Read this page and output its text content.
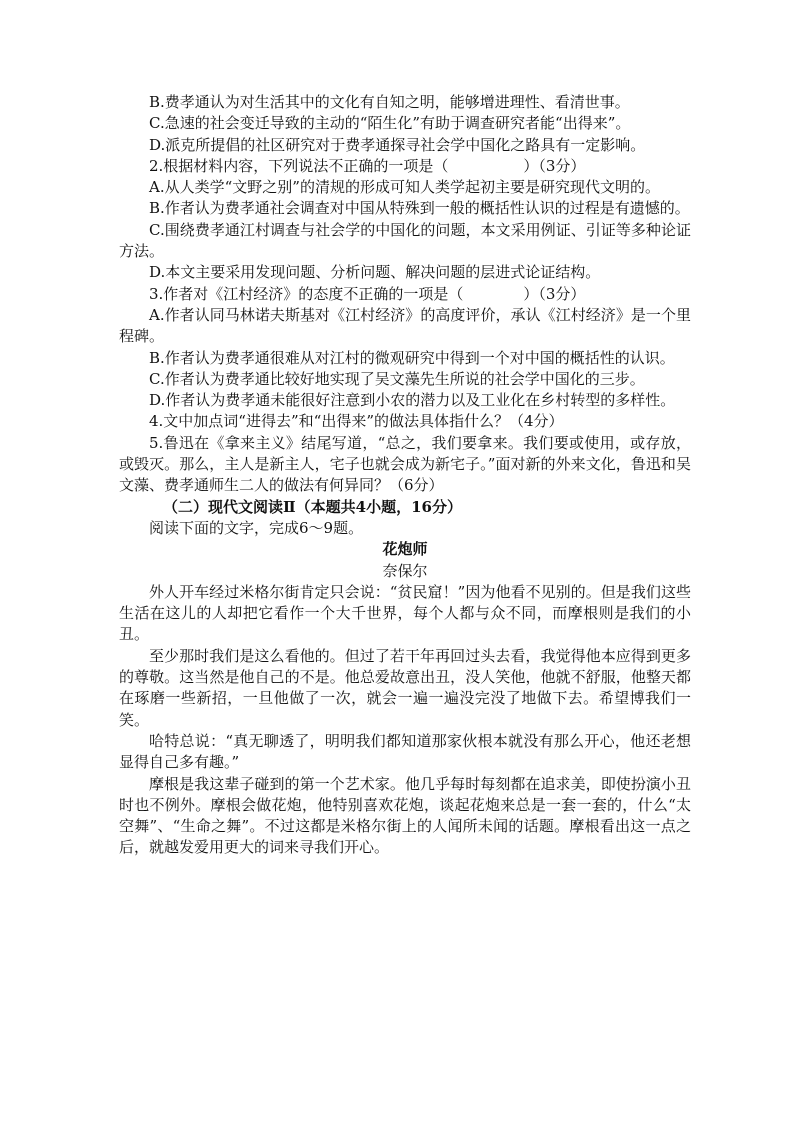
B.费孝通认为对生活其中的文化有自知之明，能够增进理性、看清世事。

C.急速的社会变迁导致的主动的“陌生化”有助于调查研究者能“出得来”。

D.派克所提倡的社区研究对于费孝通探寻社会学中国化之路具有一定影响。

2.根据材料内容，下列说法不正确的一项是（　　　　　）（3分）

A.从人类学“文野之别”的清规的形成可知人类学起初主要是研究现代文明的。

B.作者认为费孝通社会调查对中国从特殊到一般的概括性认识的过程是有遗憾的。

C.围绕费孝通江村调查与社会学的中国化的问题，本文采用例证、引证等多种论证方法。

D.本文主要采用发现问题、分析问题、解决问题的层进式论证结构。

3.作者对《江村经济》的态度不正确的一项是（　　　　）（3分）

A.作者认同马林诺夫斯基对《江村经济》的高度评价，承认《江村经济》是一个里程碑。

B.作者认为费孝通很难从对江村的微观研究中得到一个对中国的概括性的认识。

C.作者认为费孝通比较好地实现了吴文藻先生所说的社会学中国化的三步。

D.作者认为费孝通未能很好注意到小农的潜力以及工业化在乡村转型的多样性。

4.文中加点词“进得去”和“出得来”的做法具体指什么？（4分）

5.鲁迅在《拿来主义》结尾写道，“总之，我们要拿来。我们要或使用，或存放，或毁灭。那么，主人是新主人，宅子也就会成为新宅子。”面对新的外来文化，鲁迅和吴文藻、费孝通师生二人的做法有何异同？（6分）

（二）现代文阅读Ⅱ（本题共4小题，16分）

阅读下面的文字，完成6～9题。

花炮师

奈保尔

外人开车经过米格尔街肯定只会说：“贫民窟！”因为他看不见别的。但是我们这些生活在这儿的人却把它看作一个大千世界，每个人都与众不同，而摩根则是我们的小丑。

至少那时我们是这么看他的。但过了若干年再回过头去看，我觉得他本应得到更多的尊敬。这当然是他自己的不是。他总爱故意出丑，没人笑他，他就不舒服，他整天都在琢磨一些新招，一旦他做了一次，就会一遍一遍没完没了地做下去。希望博我们一笑。

哈特总说：“真无聊透了，明明我们都知道那家伙根本就没有那么开心，他还老想显得自己多有趣。”

摩根是我这辈子碰到的第一个艺术家。他几乎每时每刻都在追求美，即使扮演小丑时也不例外。摩根会做花炮，他特别喜欢花炮，谈起花炮来总是一套一套的，什么“太空舞”、“生命之舞”。不过这都是米格尔街上的人闻所未闻的话题。摩根看出这一点之后，就越发爱用更大的词来寻我们开心。
